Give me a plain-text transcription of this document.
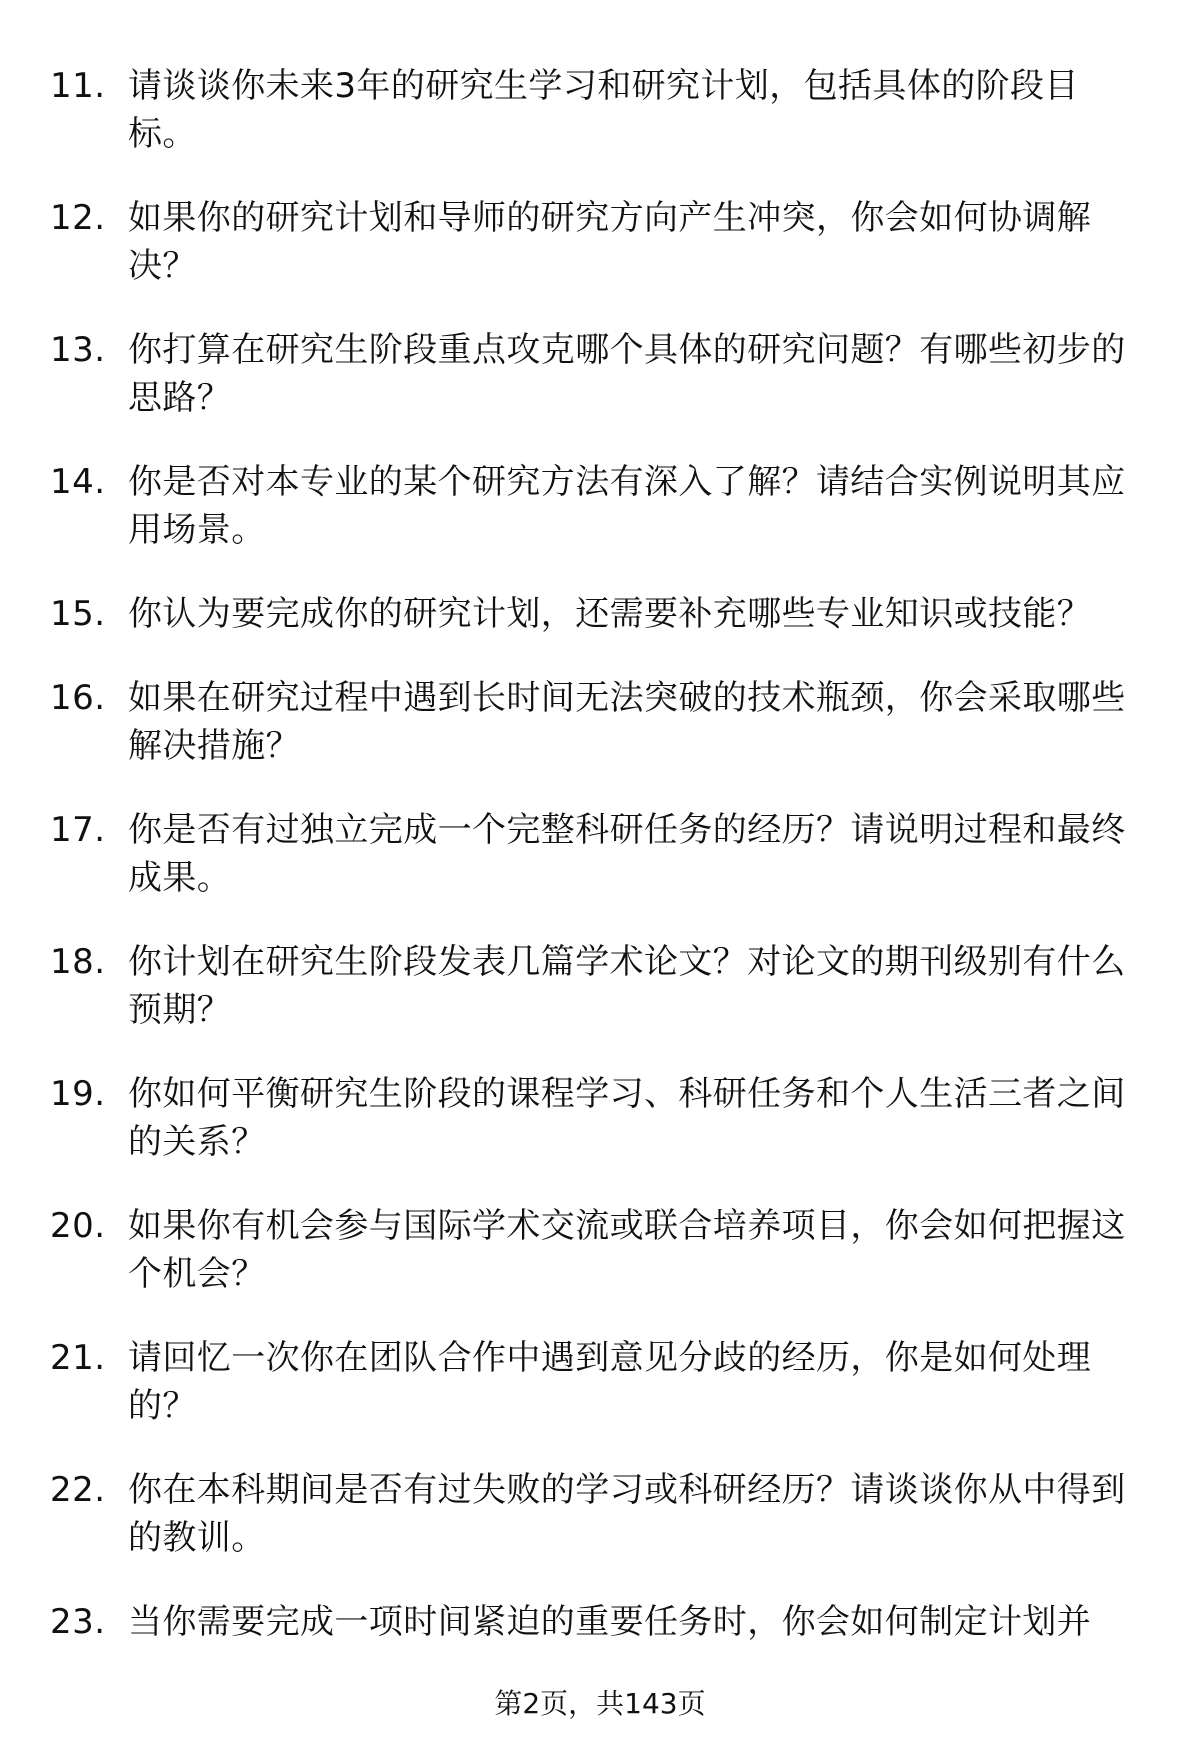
11. 请谈谈你未来3年的研究生学习和研究计划，包括具体的阶段目标。
12. 如果你的研究计划和导师的研究方向产生冲突，你会如何协调解决？
13. 你打算在研究生阶段重点攻克哪个具体的研究问题？有哪些初步的思路？
14. 你是否对本专业的某个研究方法有深入了解？请结合实例说明其应用场景。
15. 你认为要完成你的研究计划，还需要补充哪些专业知识或技能？
16. 如果在研究过程中遇到长时间无法突破的技术瓶颈，你会采取哪些解决措施？
17. 你是否有过独立完成一个完整科研任务的经历？请说明过程和最终成果。
18. 你计划在研究生阶段发表几篇学术论文？对论文的期刊级别有什么预期？
19. 你如何平衡研究生阶段的课程学习、科研任务和个人生活三者之间的关系？
20. 如果你有机会参与国际学术交流或联合培养项目，你会如何把握这个机会？
21. 请回忆一次你在团队合作中遇到意见分歧的经历，你是如何处理的？
22. 你在本科期间是否有过失败的学习或科研经历？请谈谈你从中得到的教训。
23. 当你需要完成一项时间紧迫的重要任务时，你会如何制定计划并
第2页，共143页
